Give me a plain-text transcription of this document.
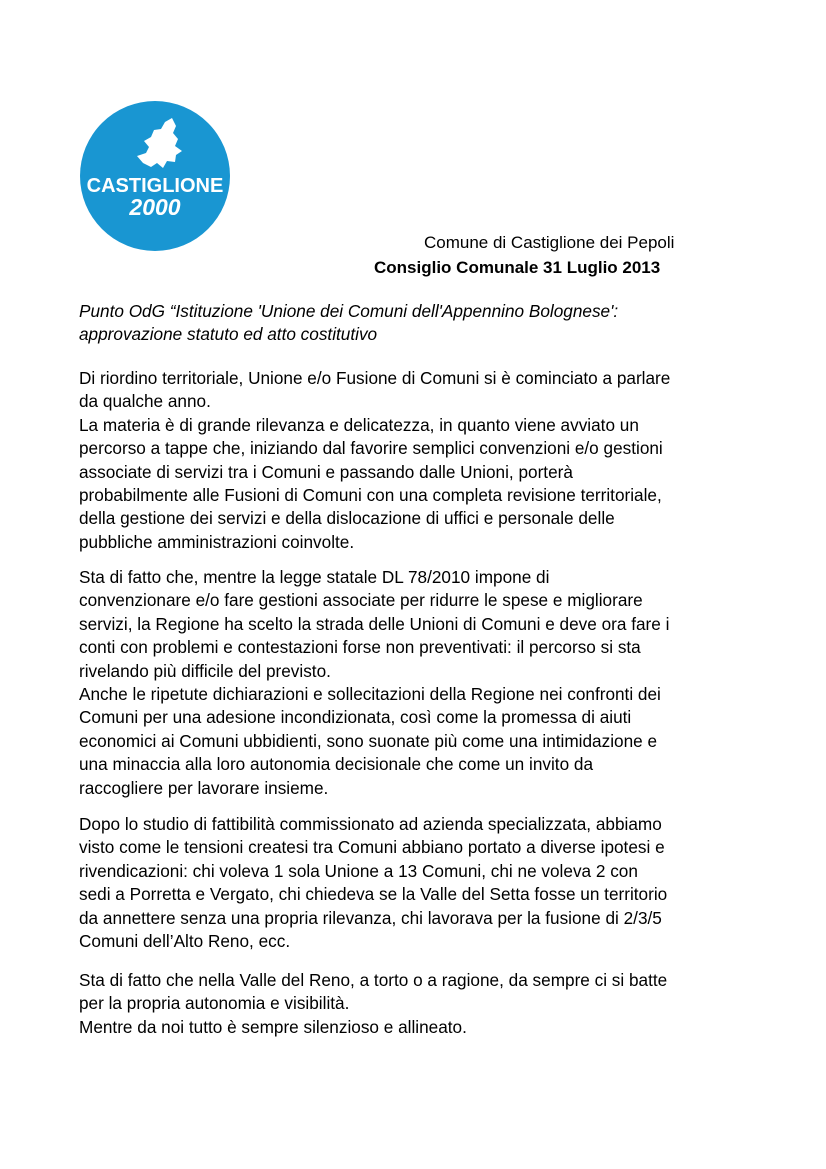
CASTIGLIONE
2000
Comune di Castiglione dei Pepoli
Consiglio Comunale 31 Luglio 2013
Punto OdG “Istituzione 'Unione dei Comuni dell'Appennino Bolognese':
approvazione statuto ed atto costitutivo
Di riordino territoriale, Unione e/o Fusione di Comuni si è cominciato a parlare
da qualche anno.
La materia è di grande rilevanza e delicatezza, in quanto viene avviato un
percorso a tappe che, iniziando dal favorire semplici convenzioni e/o gestioni
associate di servizi tra i Comuni e passando dalle Unioni, porterà
probabilmente alle Fusioni di Comuni con una completa revisione territoriale,
della gestione dei servizi e della dislocazione di uffici e personale delle
pubbliche amministrazioni coinvolte.
Sta di fatto che, mentre la legge statale DL 78/2010 impone di
convenzionare e/o fare gestioni associate per ridurre le spese e migliorare
servizi, la Regione ha scelto la strada delle Unioni di Comuni e deve ora fare i
conti con problemi e contestazioni forse non preventivati: il percorso si sta
rivelando più difficile del previsto.
Anche le ripetute dichiarazioni e sollecitazioni della Regione nei confronti dei
Comuni per una adesione incondizionata, così come la promessa di aiuti
economici ai Comuni ubbidienti, sono suonate più come una intimidazione e
una minaccia alla loro autonomia decisionale che come un invito da
raccogliere per lavorare insieme.
Dopo lo studio di fattibilità commissionato ad azienda specializzata, abbiamo
visto come le tensioni createsi tra Comuni abbiano portato a diverse ipotesi e
rivendicazioni: chi voleva 1 sola Unione a 13 Comuni, chi ne voleva 2 con
sedi a Porretta e Vergato, chi chiedeva se la Valle del Setta fosse un territorio
da annettere senza una propria rilevanza, chi lavorava per la fusione di 2/3/5
Comuni dell’Alto Reno, ecc.
Sta di fatto che nella Valle del Reno, a torto o a ragione, da sempre ci si batte
per la propria autonomia e visibilità.
Mentre da noi tutto è sempre silenzioso e allineato.
